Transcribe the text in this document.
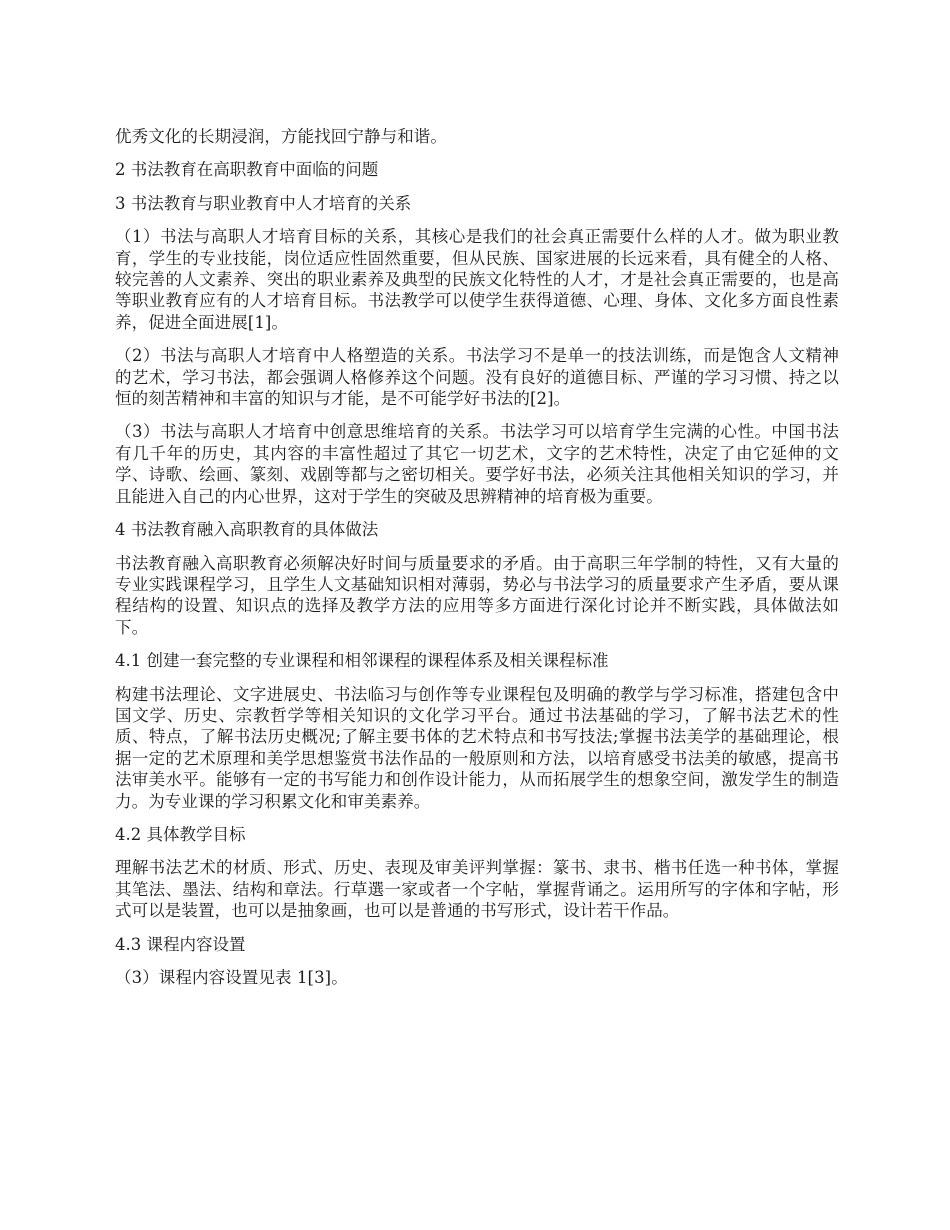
优秀文化的长期浸润，方能找回宁静与和谐。

2 书法教育在高职教育中面临的问题

3 书法教育与职业教育中人才培育的关系

（1）书法与高职人才培育目标的关系，其核心是我们的社会真正需要什么样的人才。做为职业教育，学生的专业技能，岗位适应性固然重要，但从民族、国家进展的长远来看，具有健全的人格、较完善的人文素养、突出的职业素养及典型的民族文化特性的人才，才是社会真正需要的，也是高等职业教育应有的人才培育目标。书法教学可以使学生获得道德、心理、身体、文化多方面良性素养，促进全面进展[1]。

（2）书法与高职人才培育中人格塑造的关系。书法学习不是单一的技法训练，而是饱含人文精神的艺术，学习书法，都会强调人格修养这个问题。没有良好的道德目标、严谨的学习习惯、持之以恒的刻苦精神和丰富的知识与才能，是不可能学好书法的[2]。

（3）书法与高职人才培育中创意思维培育的关系。书法学习可以培育学生完满的心性。中国书法有几千年的历史，其内容的丰富性超过了其它一切艺术，文字的艺术特性，决定了由它延伸的文学、诗歌、绘画、篆刻、戏剧等都与之密切相关。要学好书法，必须关注其他相关知识的学习，并且能进入自己的内心世界，这对于学生的突破及思辨精神的培育极为重要。

4 书法教育融入高职教育的具体做法

书法教育融入高职教育必须解决好时间与质量要求的矛盾。由于高职三年学制的特性，又有大量的专业实践课程学习，且学生人文基础知识相对薄弱，势必与书法学习的质量要求产生矛盾，要从课程结构的设置、知识点的选择及教学方法的应用等多方面进行深化讨论并不断实践，具体做法如下。

4.1 创建一套完整的专业课程和相邻课程的课程体系及相关课程标准

构建书法理论、文字进展史、书法临习与创作等专业课程包及明确的教学与学习标准，搭建包含中国文学、历史、宗教哲学等相关知识的文化学习平台。通过书法基础的学习，了解书法艺术的性质、特点，了解书法历史概况;了解主要书体的艺术特点和书写技法;掌握书法美学的基础理论，根据一定的艺术原理和美学思想鉴赏书法作品的一般原则和方法，以培育感受书法美的敏感，提高书法审美水平。能够有一定的书写能力和创作设计能力，从而拓展学生的想象空间，激发学生的制造力。为专业课的学习积累文化和审美素养。

4.2 具体教学目标

理解书法艺术的材质、形式、历史、表现及审美评判掌握：篆书、隶书、楷书任选一种书体，掌握其笔法、墨法、结构和章法。行草選一家或者一个字帖，掌握背诵之。运用所写的字体和字帖，形式可以是装置，也可以是抽象画，也可以是普通的书写形式，设计若干作品。

4.3 课程内容设置

（3）课程内容设置见表 1[3]。
